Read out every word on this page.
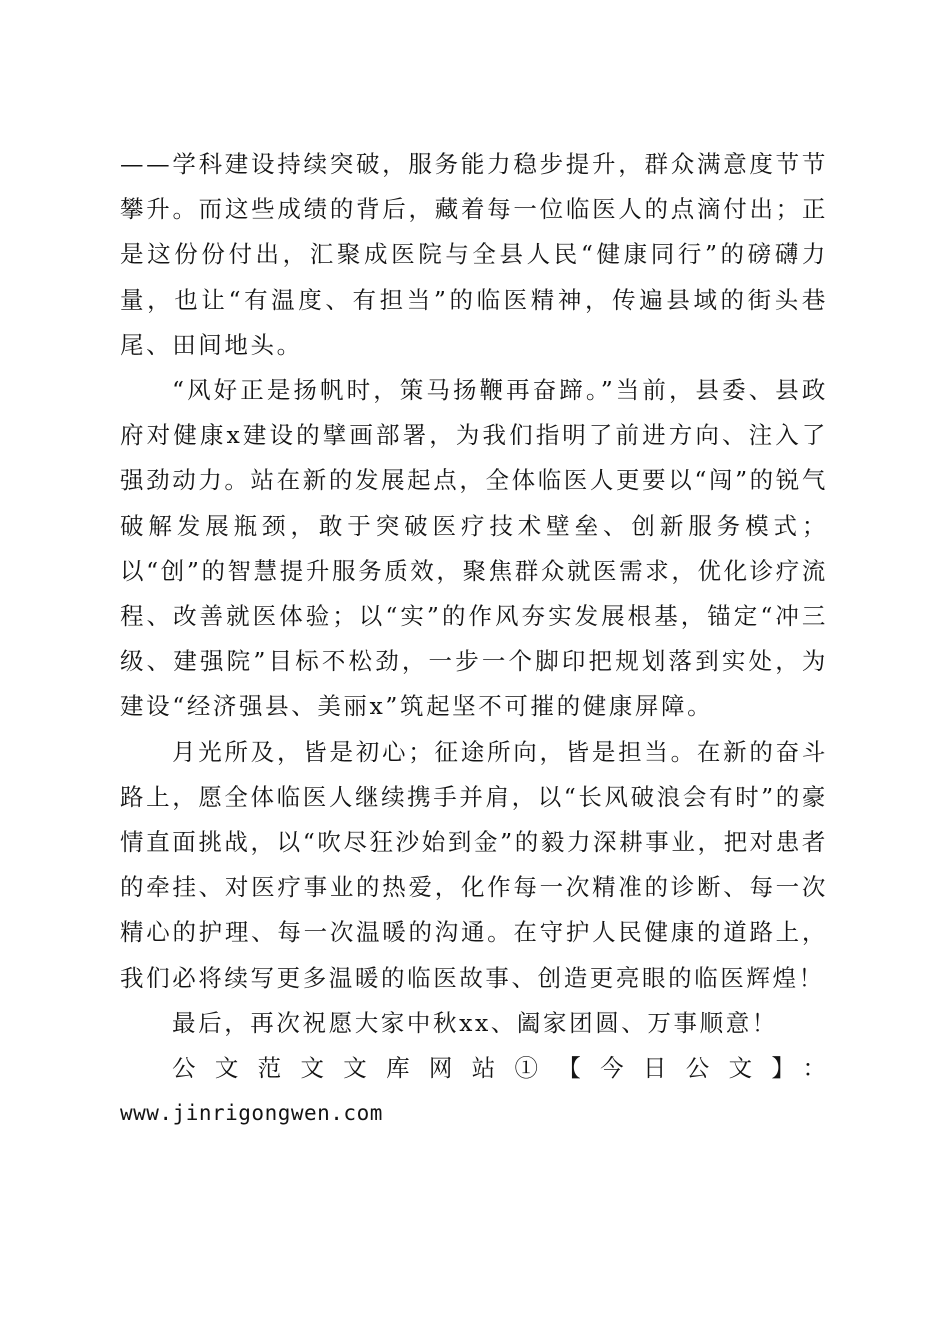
——学科建设持续突破，服务能力稳步提升，群众满意度节节攀升。而这些成绩的背后，藏着每一位临医人的点滴付出；正是这份份付出，汇聚成医院与全县人民“健康同行”的磅礴力量，也让“有温度、有担当”的临医精神，传遍县域的街头巷尾、田间地头。

“风好正是扬帆时，策马扬鞭再奋蹄。”当前，县委、县政府对健康x建设的擘画部署，为我们指明了前进方向、注入了强劲动力。站在新的发展起点，全体临医人更要以“闯”的锐气破解发展瓶颈，敢于突破医疗技术壁垒、创新服务模式；以“创”的智慧提升服务质效，聚焦群众就医需求，优化诊疗流程、改善就医体验；以“实”的作风夯实发展根基，锚定“冲三级、建强院”目标不松劲，一步一个脚印把规划落到实处，为建设“经济强县、美丽x”筑起坚不可摧的健康屏障。

月光所及，皆是初心；征途所向，皆是担当。在新的奋斗路上，愿全体临医人继续携手并肩，以“长风破浪会有时”的豪情直面挑战，以“吹尽狂沙始到金”的毅力深耕事业，把对患者的牵挂、对医疗事业的热爱，化作每一次精准的诊断、每一次精心的护理、每一次温暖的沟通。在守护人民健康的道路上，我们必将续写更多温暖的临医故事、创造更亮眼的临医辉煌！

最后，再次祝愿大家中秋xx、阖家团圆、万事顺意！

公文范文文库网站①【今日公文】：

www.jinrigongwen.com
